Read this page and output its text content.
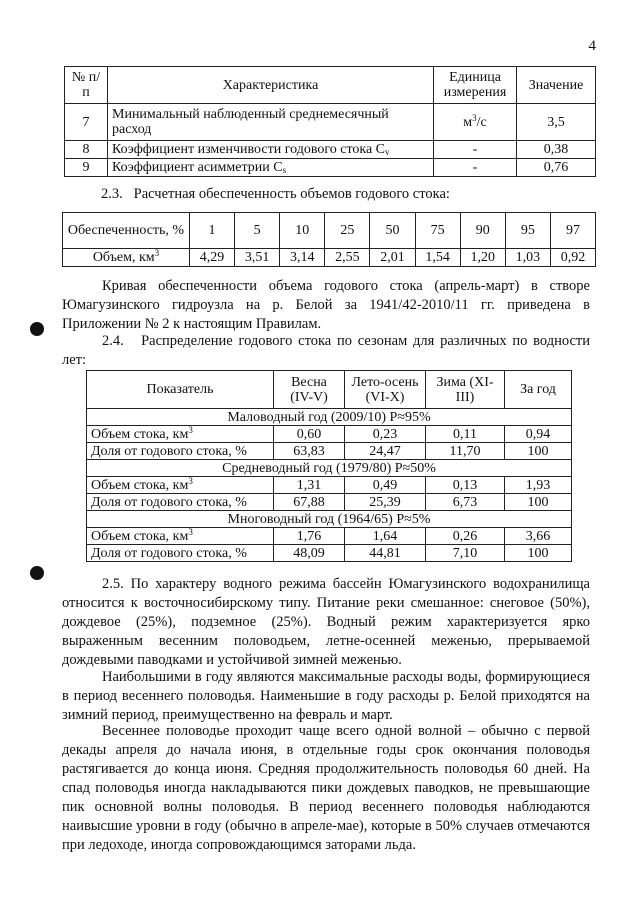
4
№ п/п	Характеристика	Единица измерения	Значение
7	Минимальный наблюденный среднемесячный расход	$м^3/с$	3,5
8	Коэффициент изменчивости годового стока $C_v$	-	0,38
9	Коэффициент асимметрии $C_s$	-	0,76
2.3. Расчетная обеспеченность объемов годового стока:
Обеспеченность, %	1	5	10	25	50	75	90	95	97
Объем, $км^3$	4,29	3,51	3,14	2,55	2,01	1,54	1,20	1,03	0,92
Кривая обеспеченности объема годового стока (апрель-март) в створе Юмагузинского гидроузла на р. Белой за 1941/42-2010/11 гг. приведена в Приложении № 2 к настоящим Правилам.
2.4. Распределение годового стока по сезонам для различных по водности лет:
Показатель	Весна (IV-V)	Лето-осень (VI-X)	Зима (XI-III)	За год
Маловодный год (2009/10) P≈95%				
Объем стока, $км^3$	0,60	0,23	0,11	0,94
Доля от годового стока, %	63,83	24,47	11,70	100
Средневодный год (1979/80) P≈50%				
Объем стока, $км^3$	1,31	0,49	0,13	1,93
Доля от годового стока, %	67,88	25,39	6,73	100
Многоводный год (1964/65) P≈5%				
Объем стока, $км^3$	1,76	1,64	0,26	3,66
Доля от годового стока, %	48,09	44,81	7,10	100
2.5. По характеру водного режима бассейн Юмагузинского водохранилища относится к восточносибирскому типу. Питание реки смешанное: снеговое (50%), дождевое (25%), подземное (25%). Водный режим характеризуется ярко выраженным весенним половодьем, летне-осенней меженью, прерываемой дождевыми паводками и устойчивой зимней меженью.
Наибольшими в году являются максимальные расходы воды, формирующиеся в период весеннего половодья. Наименьшие в году расходы р. Белой приходятся на зимний период, преимущественно на февраль и март.
Весеннее половодье проходит чаще всего одной волной – обычно с первой декады апреля до начала июня, в отдельные годы срок окончания половодья растягивается до конца июня. Средняя продолжительность половодья 60 дней. На спад половодья иногда накладываются пики дождевых паводков, не превышающие пик основной волны половодья. В период весеннего половодья наблюдаются наивысшие уровни в году (обычно в апреле-мае), которые в 50% случаев отмечаются при ледоходе, иногда сопровождающимся заторами льда.
